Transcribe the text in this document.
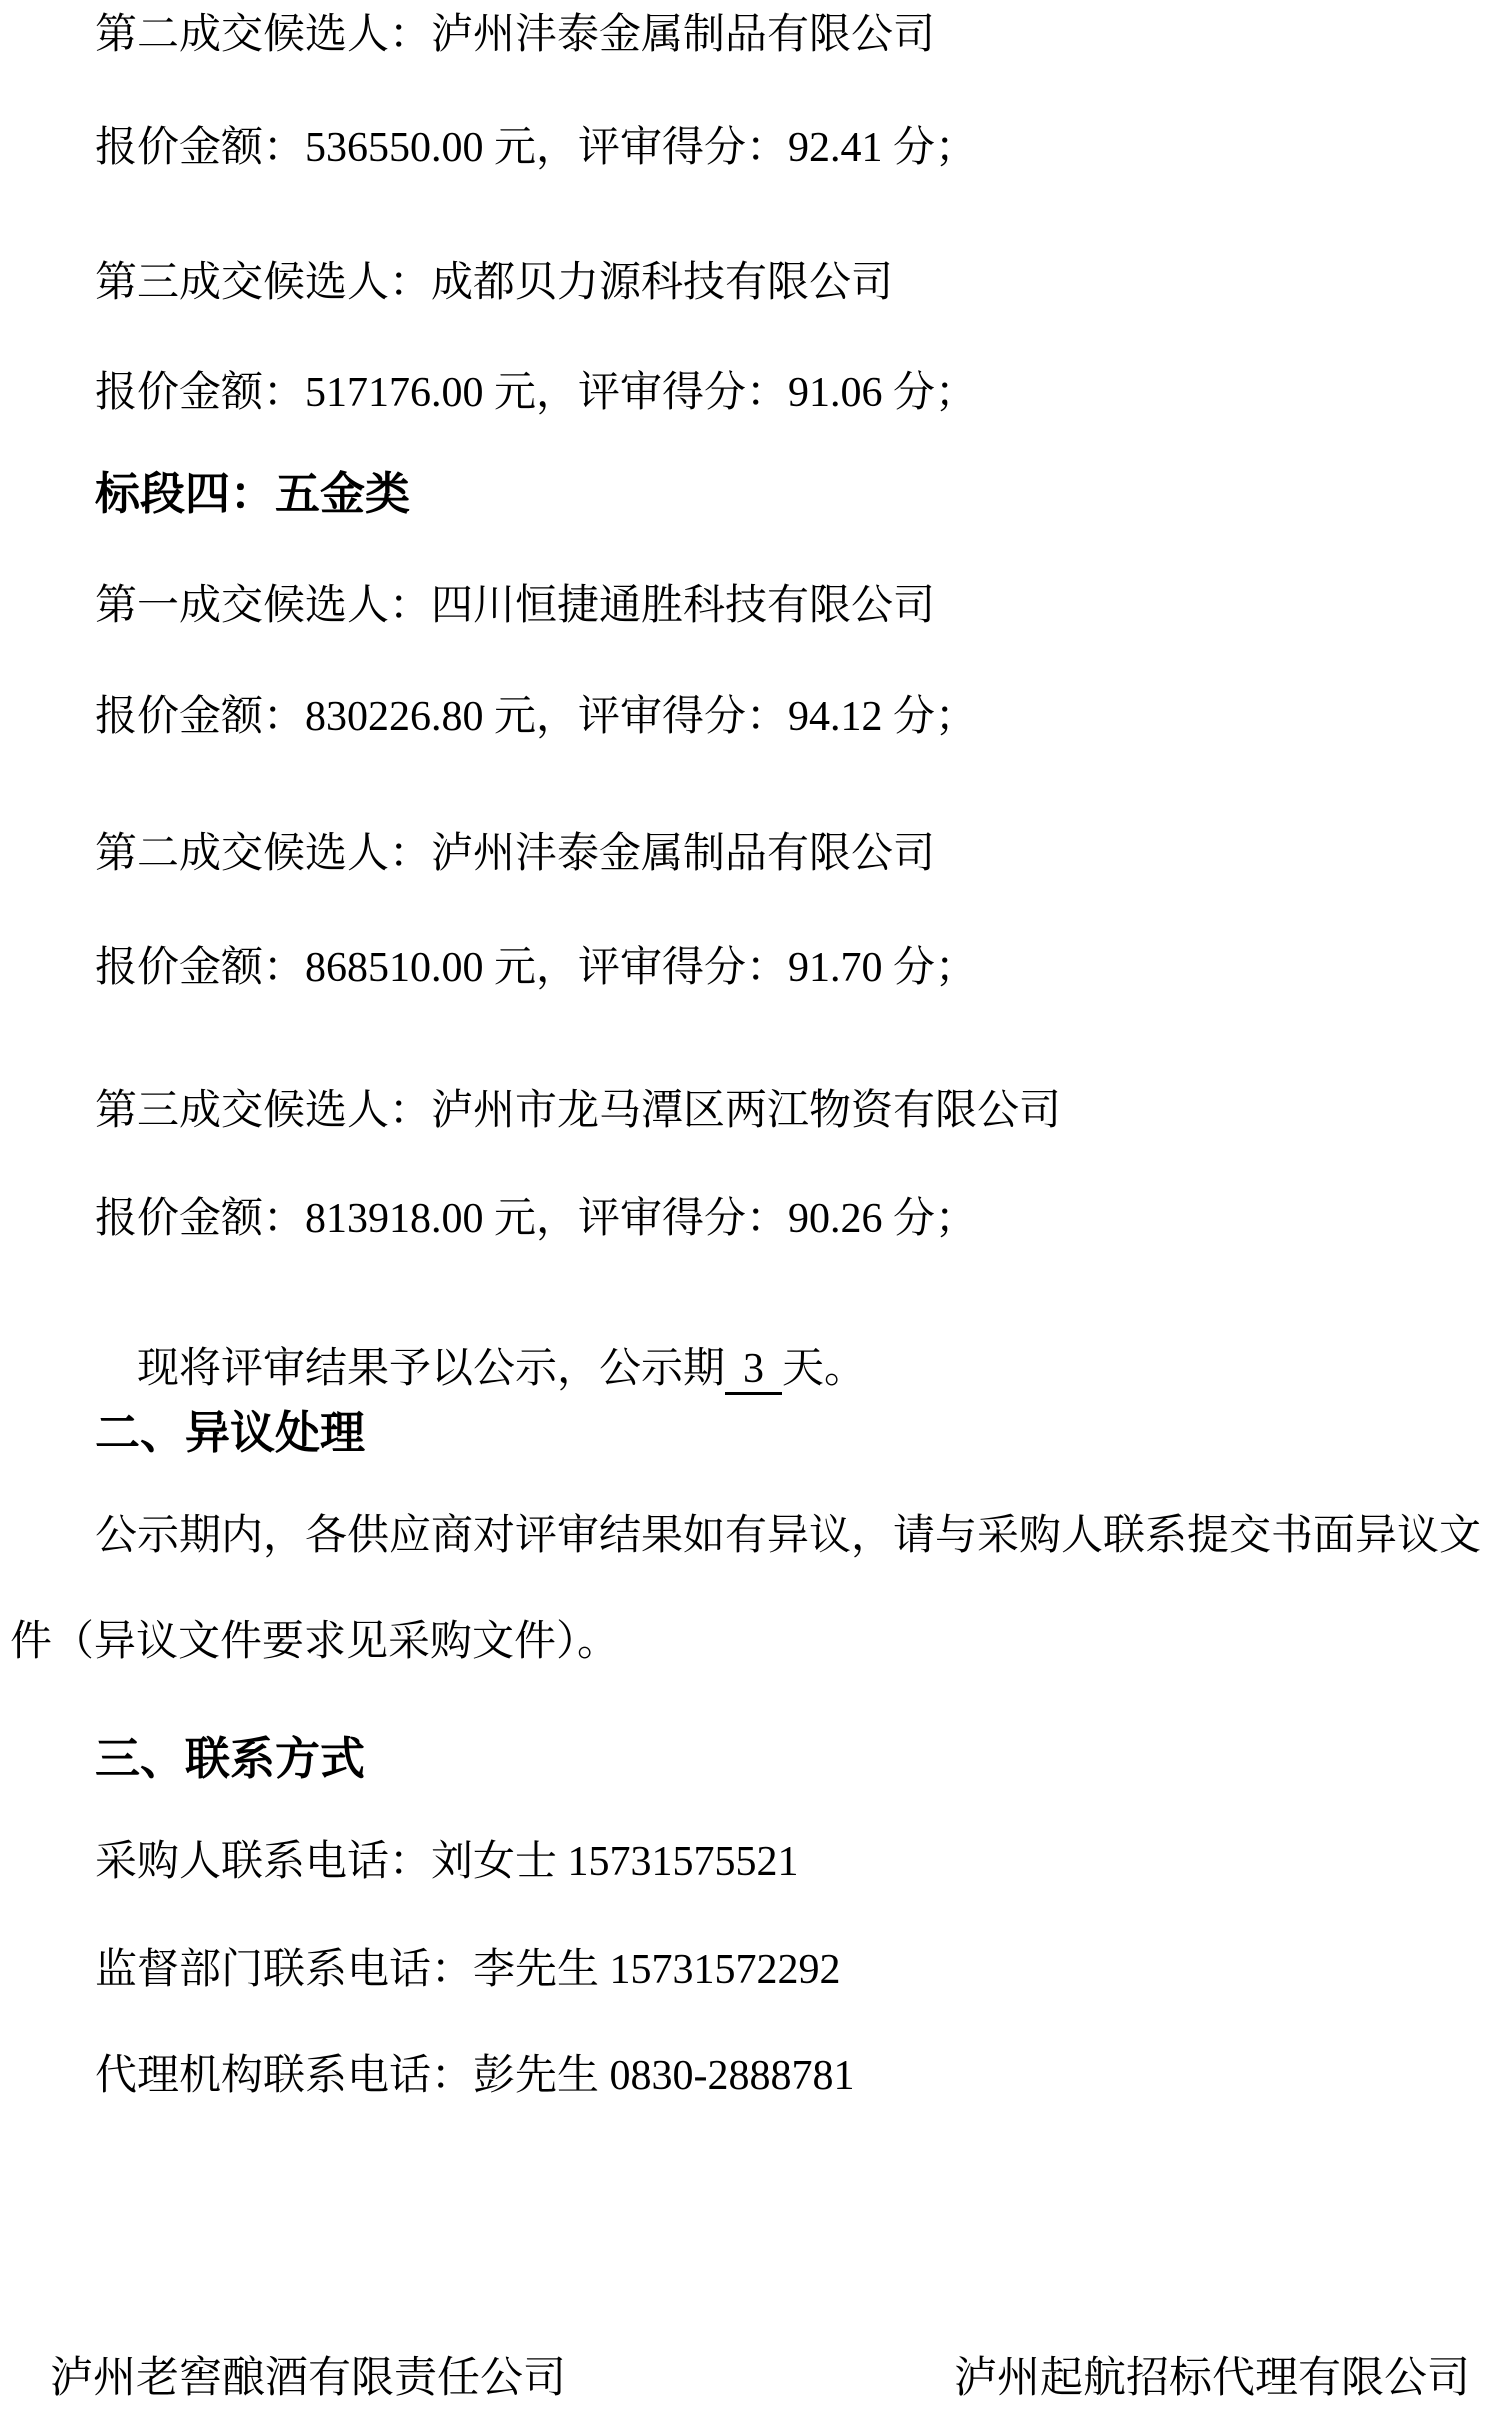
第二成交候选人：泸州沣泰金属制品有限公司
报价金额：536550.00 元，评审得分：92.41 分；
第三成交候选人：成都贝力源科技有限公司
报价金额：517176.00 元，评审得分：91.06 分；
标段四：五金类
第一成交候选人：四川恒捷通胜科技有限公司
报价金额：830226.80 元，评审得分：94.12 分；
第二成交候选人：泸州沣泰金属制品有限公司
报价金额：868510.00 元，评审得分：91.70 分；
第三成交候选人：泸州市龙马潭区两江物资有限公司
报价金额：813918.00 元，评审得分：90.26 分；

现将评审结果予以公示，公示期 3 天。

二、异议处理
公示期内，各供应商对评审结果如有异议，请与采购人联系提交书面异议文
件（异议文件要求见采购文件）。
三、联系方式
采购人联系电话：刘女士 15731575521
监督部门联系电话：李先生 15731572292
代理机构联系电话：彭先生 0830-2888781
泸州老窖酿酒有限责任公司	泸州起航招标代理有限公司
